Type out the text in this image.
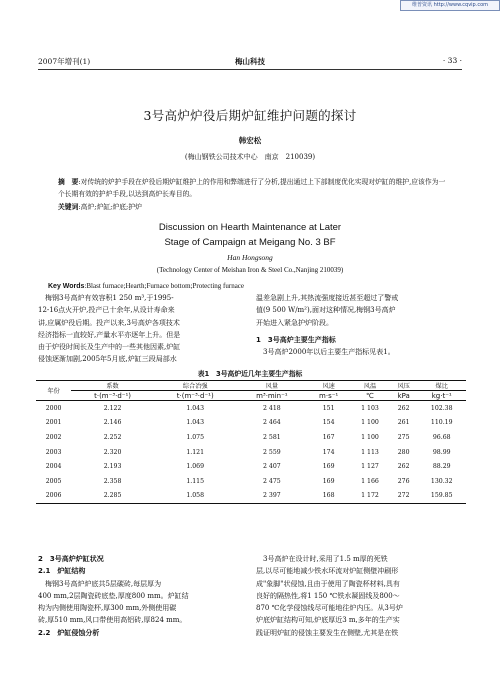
维普资讯 http://www.cqvip.com
2007年增刊(1)	梅山科技	· 33 ·
3号高炉炉役后期炉缸维护问题的探讨
韩宏松
(梅山钢铁公司技术中心　南京　210039)
摘　要:对传统的炉护手段在炉役后期炉缸维护上的作用和弊端进行了分析,提出通过上下部制度优化实现对炉缸的维护,应该作为一个长期有效的护炉手段,以达到高炉长寿目的。
关键词:高炉;炉缸;炉底;护炉
Discussion on Hearth Maintenance at Later
Stage of Campaign at Meigang No. 3 BF
Han Hongsong
(Technology Center of Meishan Iron & Steel Co.,Nanjing 210039)
Key Words:Blast furnace;Hearth;Furnace bottom;Protecting furnace
　梅钢3号高炉有效容积1 250 m³,于1995-
12-16点火开炉,投产已十余年,从设计寿命来
讲,应属炉役后期。投产以来,3号高炉各项技术
经济指标一直较好,产量水平亦逐年上升。但是
由于炉役时间长及生产中的一些其他因素,炉缸
侵蚀逐渐加剧,2005年5月底,炉缸三段局部水
温差急剧上升,其热流强度接近甚至超过了警戒
值(9 500 W/m²),面对这种情况,梅钢3号高炉
开始进入紧急护炉阶段。
1　3号高炉主要生产指标
　3号高炉2000年以后主要生产指标见表1。
表1　3号高炉近几年主要生产指标
年份	系数	综合冶强	风量	风速	风温	风压	煤比
	t·(m⁻³·d⁻¹)	t·(m⁻³·d⁻¹)	m³·min⁻¹	m·s⁻¹	℃	kPa	kg·t⁻¹
2000	2.122	1.043	2 418	151	1 103	262	102.38
2001	2.146	1.043	2 464	154	1 100	261	110.19
2002	2.252	1.075	2 581	167	1 100	275	96.68
2003	2.320	1.121	2 559	174	1 113	280	98.99
2004	2.193	1.069	2 407	169	1 127	262	88.29
2005	2.358	1.115	2 475	169	1 166	276	130.32
2006	2.285	1.058	2 397	168	1 172	272	159.85
2　3号高炉炉缸状况
2.1　炉缸结构
　梅钢3号高炉炉底共5层碳砖,每层厚为
400 mm,2层陶瓷砖底垫,厚度800 mm。炉缸结
构为内侧使用陶瓷杯,厚300 mm,外侧使用碳
砖,厚510 mm,风口带使用高铝砖,厚824 mm。
2.2　炉缸侵蚀分析
　3号高炉在设计时,采用了1.5 m厚的死铁
层,以尽可能地减少铁水环流对炉缸侧壁冲刷形
成"象脚"状侵蚀,且由于使用了陶瓷杯材料,具有
良好的隔热性,将1 150 ℃铁水凝固线及800～
870 ℃化学侵蚀线尽可能地往炉内压。从3号炉
炉底炉缸结构可知,炉底厚近3 m,多年的生产实
践证明炉缸的侵蚀主要发生在侧壁,尤其是在铁
